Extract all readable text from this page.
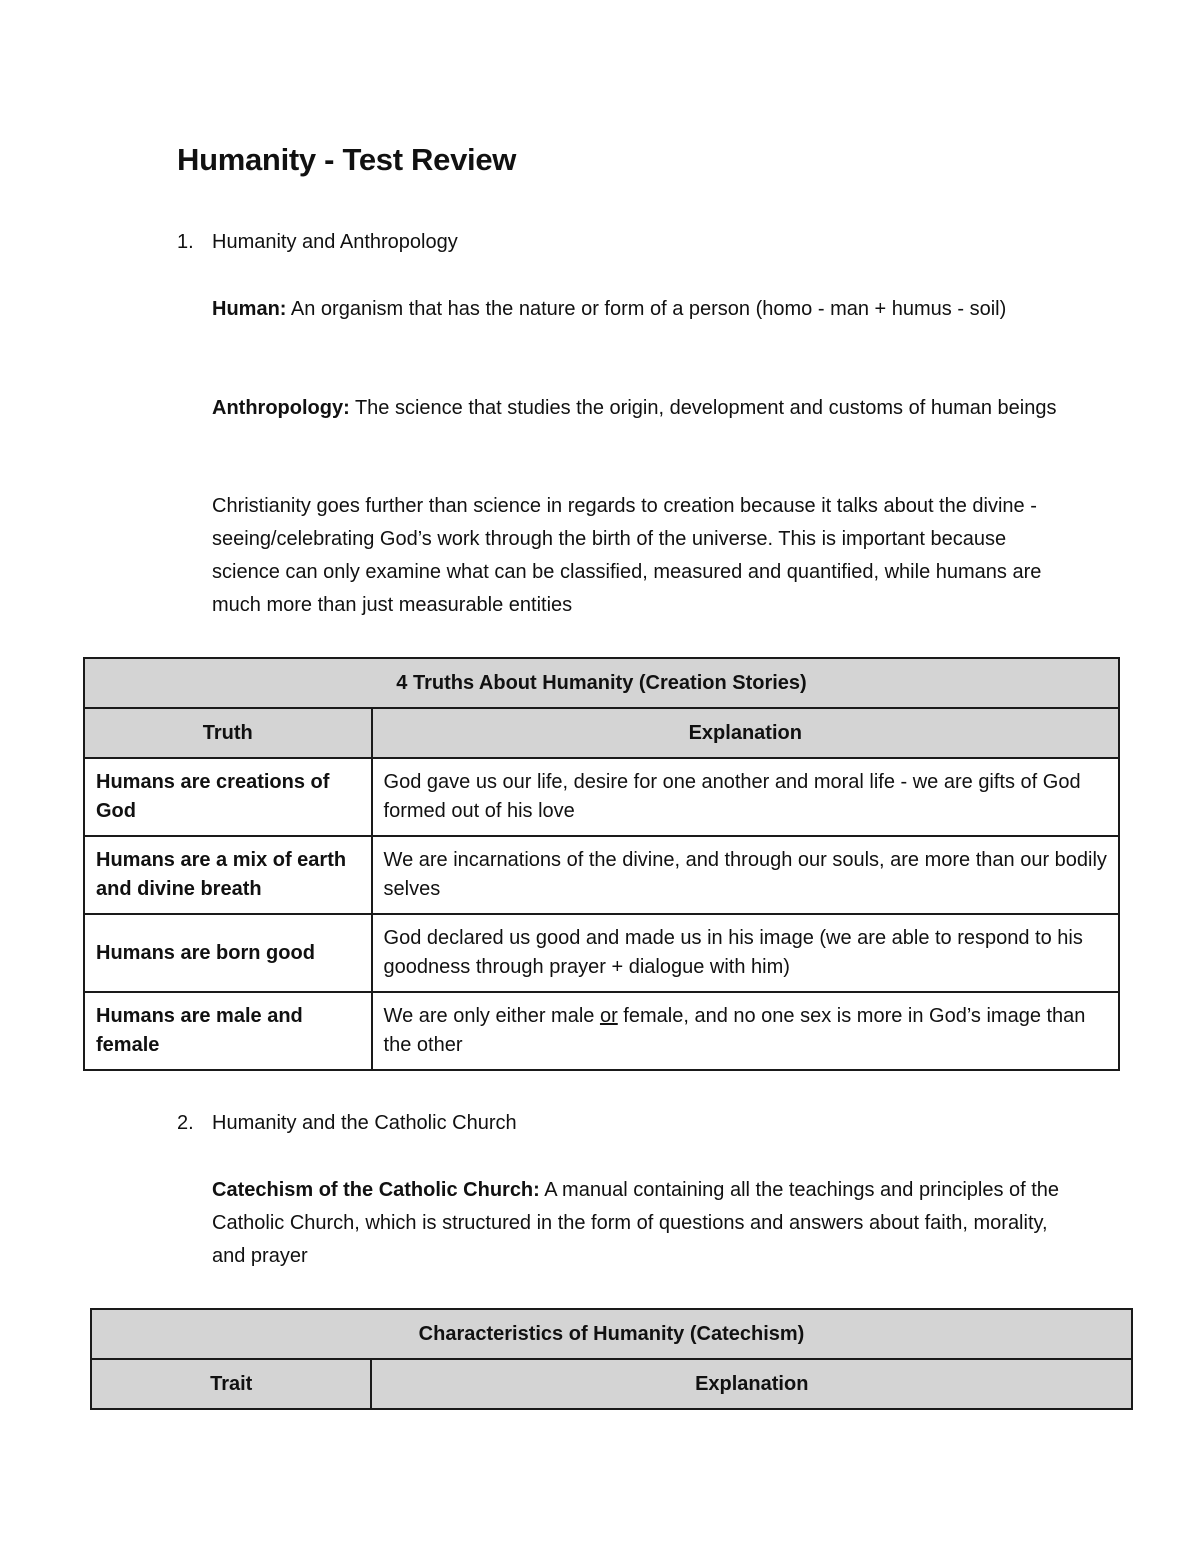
Humanity - Test Review
1. Humanity and Anthropology

Human: An organism that has the nature or form of a person (homo - man + humus - soil)

Anthropology: The science that studies the origin, development and customs of human beings

Christianity goes further than science in regards to creation because it talks about the divine - seeing/celebrating God’s work through the birth of the universe. This is important because science can only examine what can be classified, measured and quantified, while humans are much more than just measurable entities

4 Truths About Humanity (Creation Stories)	
Truth	Explanation
Humans are creations of God	God gave us our life, desire for one another and moral life - we are gifts of God formed out of his love
Humans are a mix of earth and divine breath	We are incarnations of the divine, and through our souls, are more than our bodily selves
Humans are born good	God declared us good and made us in his image (we are able to respond to his goodness through prayer + dialogue with him)
Humans are male and female	We are only either male or female, and no one sex is more in God’s image than the other
2. Humanity and the Catholic Church

Catechism of the Catholic Church: A manual containing all the teachings and principles of the Catholic Church, which is structured in the form of questions and answers about faith, morality, and prayer

Characteristics of Humanity (Catechism)
Trait	Explanation
